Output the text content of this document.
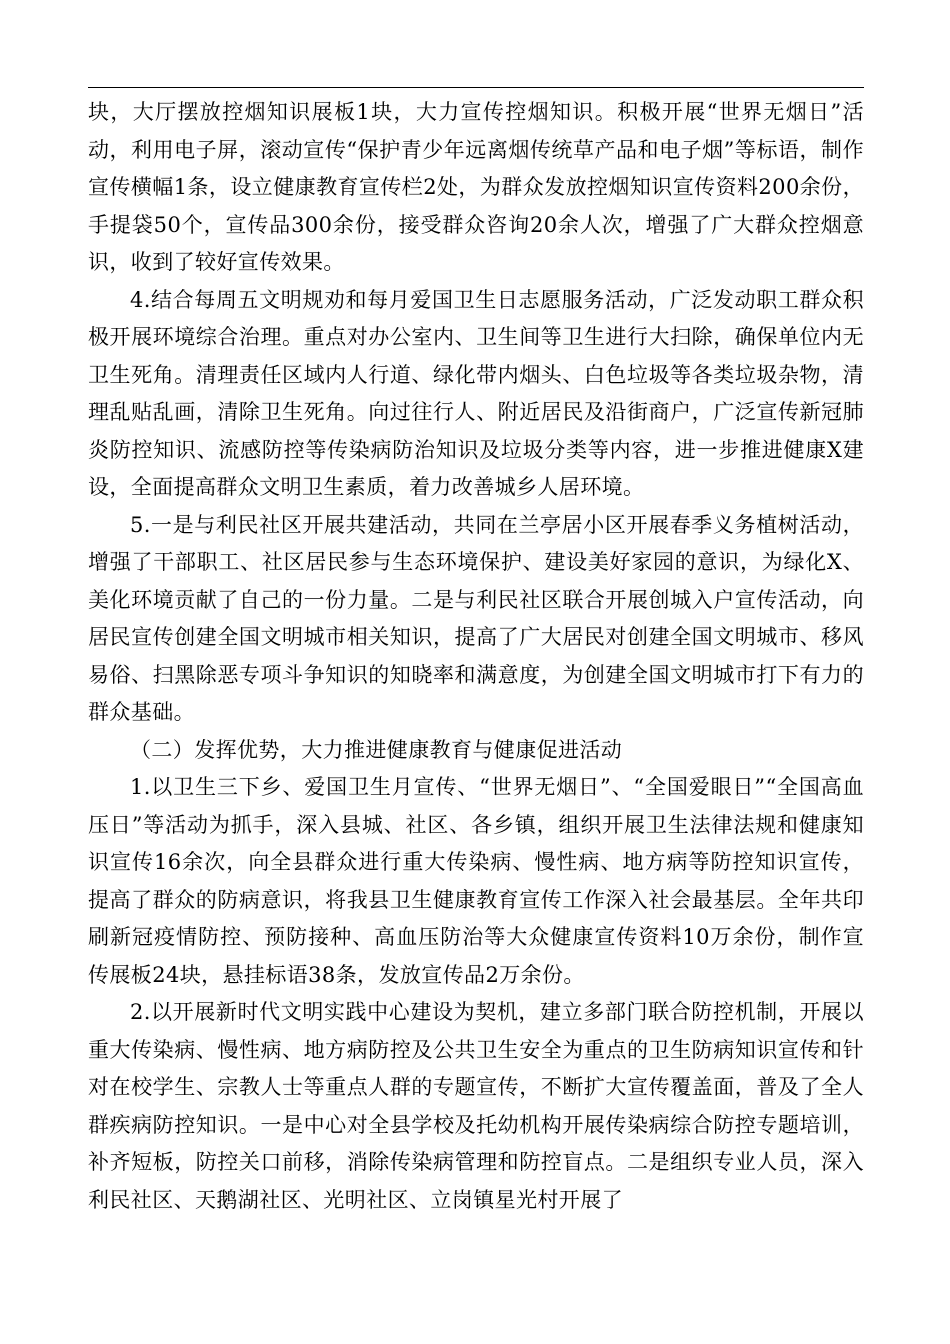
块，大厅摆放控烟知识展板1块，大力宣传控烟知识。积极开展“世界无烟日”活动，利用电子屏，滚动宣传“保护青少年远离烟传统草产品和电子烟”等标语，制作宣传横幅1条，设立健康教育宣传栏2处，为群众发放控烟知识宣传资料200余份，手提袋50个，宣传品300余份，接受群众咨询20余人次，增强了广大群众控烟意识，收到了较好宣传效果。

4.结合每周五文明规劝和每月爱国卫生日志愿服务活动，广泛发动职工群众积极开展环境综合治理。重点对办公室内、卫生间等卫生进行大扫除，确保单位内无卫生死角。清理责任区域内人行道、绿化带内烟头、白色垃圾等各类垃圾杂物，清理乱贴乱画，清除卫生死角。向过往行人、附近居民及沿街商户，广泛宣传新冠肺炎防控知识、流感防控等传染病防治知识及垃圾分类等内容，进一步推进健康X建设，全面提高群众文明卫生素质，着力改善城乡人居环境。

5.一是与利民社区开展共建活动，共同在兰亭居小区开展春季义务植树活动，增强了干部职工、社区居民参与生态环境保护、建设美好家园的意识，为绿化X、美化环境贡献了自己的一份力量。二是与利民社区联合开展创城入户宣传活动，向居民宣传创建全国文明城市相关知识，提高了广大居民对创建全国文明城市、移风易俗、扫黑除恶专项斗争知识的知晓率和满意度，为创建全国文明城市打下有力的群众基础。

（二）发挥优势，大力推进健康教育与健康促进活动

1.以卫生三下乡、爱国卫生月宣传、“世界无烟日”、“全国爱眼日”“全国高血压日”等活动为抓手，深入县城、社区、各乡镇，组织开展卫生法律法规和健康知识宣传16余次，向全县群众进行重大传染病、慢性病、地方病等防控知识宣传，提高了群众的防病意识，将我县卫生健康教育宣传工作深入社会最基层。全年共印刷新冠疫情防控、预防接种、高血压防治等大众健康宣传资料10万余份，制作宣传展板24块，悬挂标语38条，发放宣传品2万余份。

2.以开展新时代文明实践中心建设为契机，建立多部门联合防控机制，开展以重大传染病、慢性病、地方病防控及公共卫生安全为重点的卫生防病知识宣传和针对在校学生、宗教人士等重点人群的专题宣传，不断扩大宣传覆盖面，普及了全人群疾病防控知识。一是中心对全县学校及托幼机构开展传染病综合防控专题培训，补齐短板，防控关口前移，消除传染病管理和防控盲点。二是组织专业人员，深入利民社区、天鹅湖社区、光明社区、立岗镇星光村开展了
